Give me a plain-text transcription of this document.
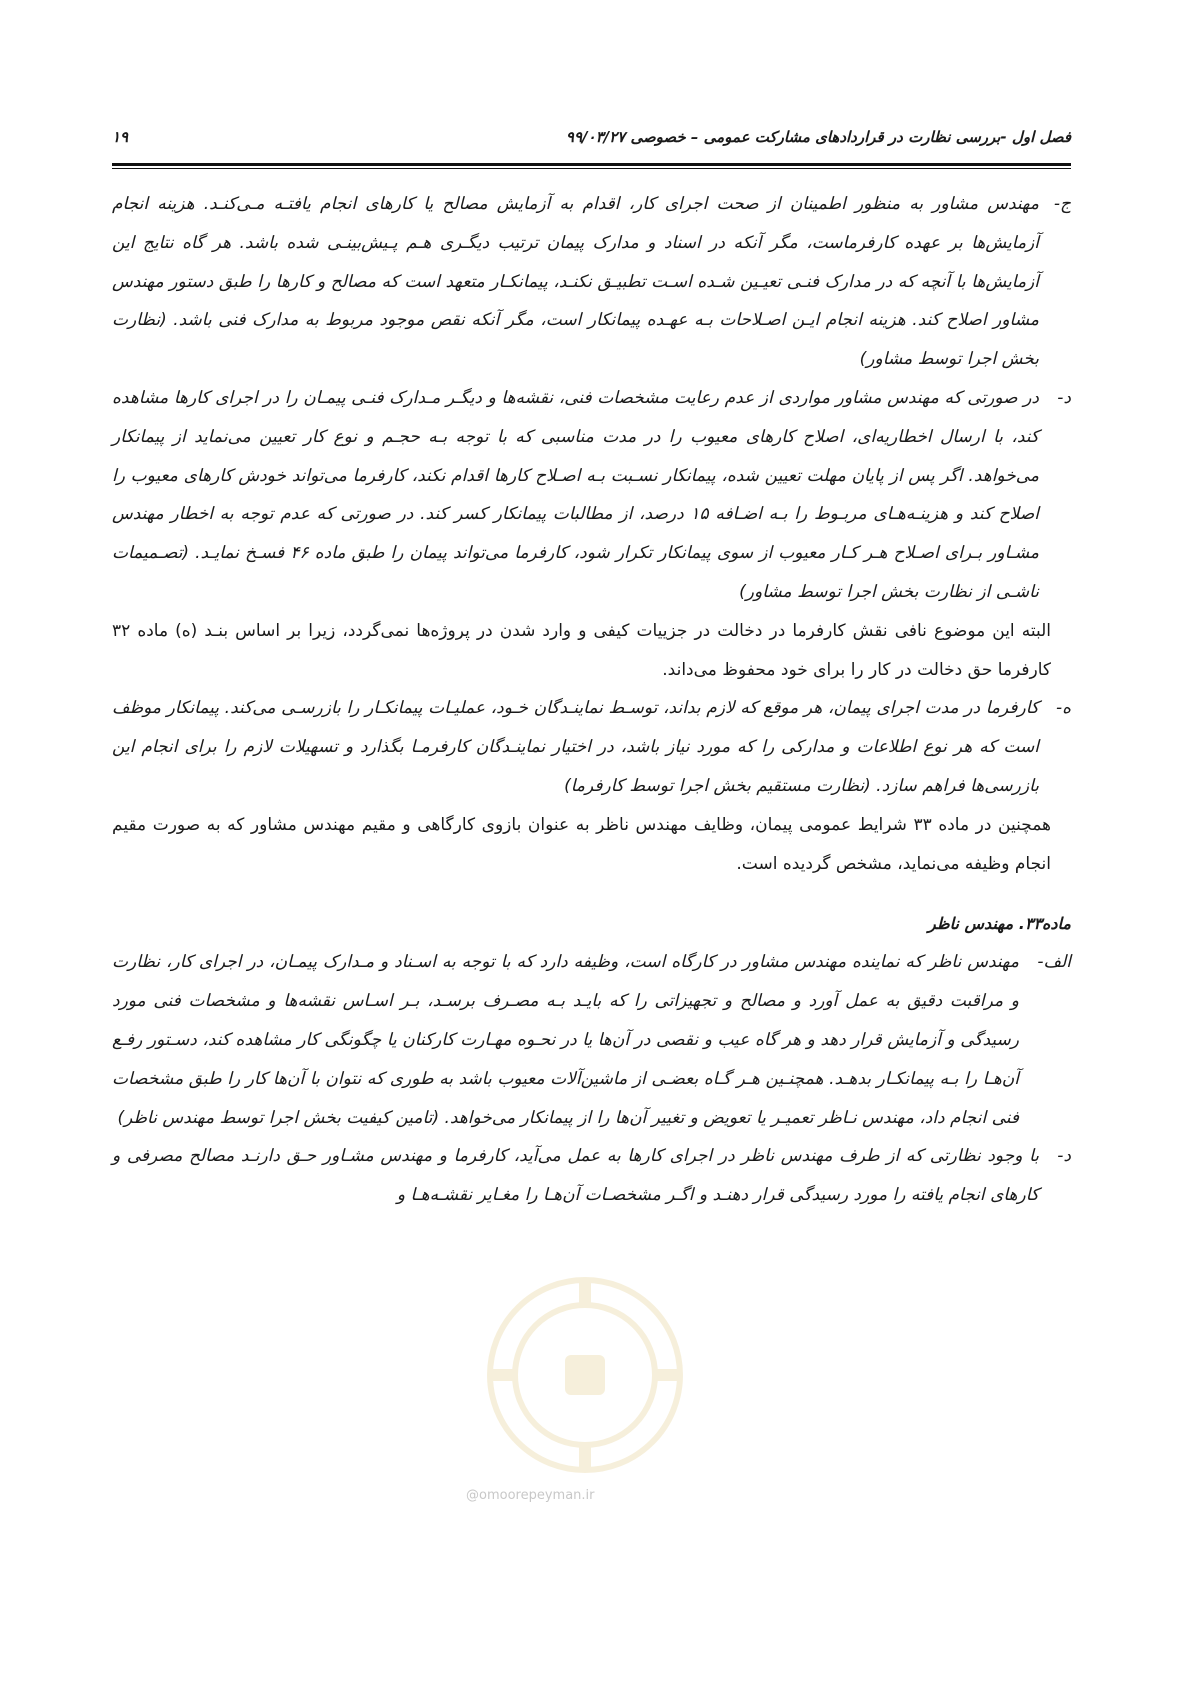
فصل اول -بررسی نظارت در قراردادهای مشارکت عمومی – خصوصی ۹۹/۰۳/۲۷
۱۹

ج-
مهندس مشاور به منظور اطمینان از صحت اجرای کار، اقدام به آزمایش مصالح یا کارهای انجام یافتـه مـی‌کنـد. هزینه انجام آزمایش‌ها بر عهده کارفرماست، مگر آنکه در اسناد و مدارک پیمان ترتیب دیگـری هـم پـیش‌بینـی شده باشد. هر گاه نتایج این آزمایش‌ها با آنچه که در مدارک فنـی تعیـین شـده اسـت تطبیـق نکنـد، پیمانکـار متعهد است که مصالح و کارها را طبق دستور مهندس مشاور اصلاح کند. هزینه انجام ایـن اصـلاحات بـه عهـده پیمانکار است، مگر آنکه نقص موجود مربوط به مدارک فنی باشد. (نظارت بخش اجرا توسط مشاور)

د-
در صورتی که مهندس مشاور مواردی از عدم رعایت مشخصات فنی، نقشه‌ها و دیگـر مـدارک فنـی پیمـان را در اجرای کارها مشاهده کند، با ارسال اخطاریه‌ای، اصلاح کارهای معیوب را در مدت مناسبی که با توجه بـه حجـم و نوع کار تعیین می‌نماید از پیمانکار می‌خواهد. اگر پس از پایان مهلت تعیین شده، پیمانکار نسـبت بـه اصـلاح کارها اقدام نکند، کارفرما می‌تواند خودش کارهای معیوب را اصلاح کند و هزینـه‌هـای مربـوط را بـه اضـافه ۱۵ درصد، از مطالبات پیمانکار کسر کند. در صورتی که عدم توجه به اخطار مهندس مشـاور بـرای اصـلاح هـر کـار معیوب از سوی پیمانکار تکرار شود، کارفرما می‌تواند پیمان را طبق ماده ۴۶ فسـخ نمایـد. (تصـمیمات ناشـی از نظارت بخش اجرا توسط مشاور)

البته این موضوع نافی نقش کارفرما در دخالت در جزییات کیفی و وارد شدن در پروژه‌ها نمی‌گردد، زیرا بر اساس بنـد (ه) ماده ۳۲ کارفرما حق دخالت در کار را برای خود محفوظ می‌داند.

ه-
کارفرما در مدت اجرای پیمان، هر موقع که لازم بداند، توسـط نماینـدگان خـود، عملیـات پیمانکـار را بازرسـی می‌کند. پیمانکار موظف است که هر نوع اطلاعات و مدارکی را که مورد نیاز باشد، در اختیار نماینـدگان کارفرمـا بگذارد و تسهیلات لازم را برای انجام این بازرسی‌ها فراهم سازد. (نظارت مستقیم بخش اجرا توسط کارفرما)

همچنین در ماده ۳۳ شرایط عمومی پیمان، وظایف مهندس ناظر به عنوان بازوی کارگاهی و مقیم مهندس مشاور که به صورت مقیم انجام وظیفه می‌نماید، مشخص گردیده است.

ماده۳۳. مهندس ناظر

الف-
مهندس ناظر که نماینده مهندس مشاور در کارگاه است، وظیفه دارد که با توجه به اسـناد و مـدارک پیمـان، در اجرای کار، نظارت و مراقبت دقیق به عمل آورد و مصالح و تجهیزاتی را که بایـد بـه مصـرف برسـد، بـر اسـاس نقشه‌ها و مشخصات فنی مورد رسیدگی و آزمایش قرار دهد و هر گاه عیب و نقصی در آن‌ها یا در نحـوه مهـارت کارکنان یا چگونگی کار مشاهده کند، دسـتور رفـع آن‌هـا را بـه پیمانکـار بدهـد. همچنـین هـر گـاه بعضـی از ماشین‌آلات معیوب باشد به طوری که نتوان با آن‌ها کار را طبق مشخصات فنی انجام داد، مهندس نـاظر تعمیـر یا تعویض و تغییر آن‌ها را از پیمانکار می‌خواهد. (تامین کیفیت بخش اجرا توسط مهندس ناظر)

د-
با وجود نظارتی که از طرف مهندس ناظر در اجرای کارها به عمل می‌آید، کارفرما و مهندس مشـاور حـق دارنـد مصالح مصرفی و کارهای انجام یافته را مورد رسیدگی قرار دهنـد و اگـر مشخصـات آن‌هـا را مغـایر نقشـه‌هـا و

@omoorepeyman.ir
